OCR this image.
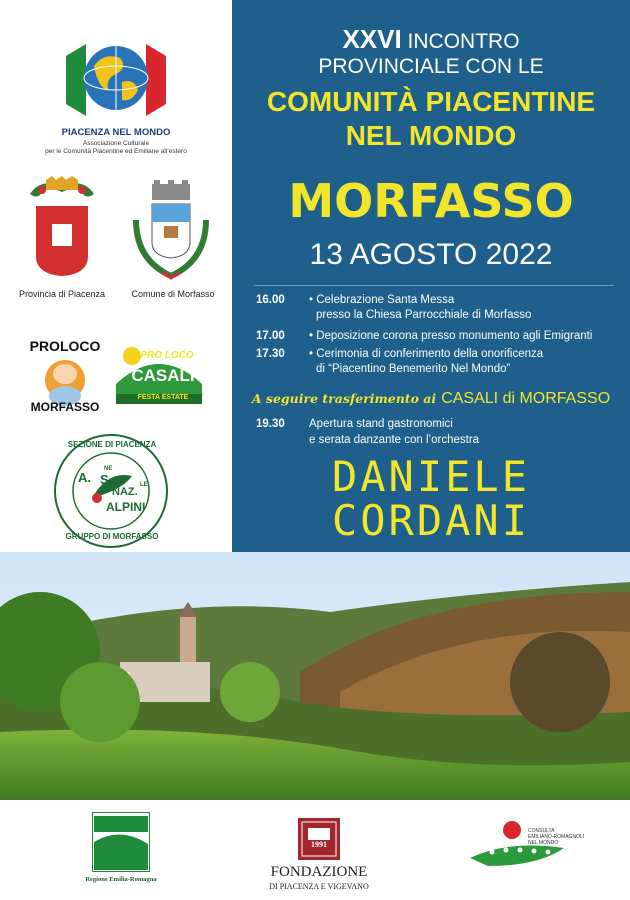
PIACENZA NEL MONDO
Associazione Culturale
per le Comunità Piacentine ed Emiliane all’estero
Provincia di Piacenza	Comune di Morfasso
PROLOCO
MORFASSO
PRO LOCO
CASALI
FESTA ESTATE
SEZIONE DI PIACENZA
GRUPPO DI MORFASSO
A.
NE
S.
NAZ.
LE
ALPINI
XXVI INCONTRO
PROVINCIALE CON LE
COMUNITÀ PIACENTINE
NEL MONDO
MORFASSO
13 AGOSTO 2022
16.00 • Celebrazione Santa Messa
presso la Chiesa Parrocchiale di Morfasso
17.00 • Deposizione corona presso monumento agli Emigranti
17.30 • Cerimonia di conferimento della onorificenza
di “Piacentino Benemerito Nel Mondo”
A seguire trasferimento ai CASALI di MORFASSO
19.30 Apertura stand gastronomici
e serata danzante con l’orchestra
DANIELE
CORDANI
Regione Emilia-Romagna
1991
FONDAZIONE
DI PIACENZA E VIGEVANO
CONSULTA
EMILIANO-ROMAGNOLI
NEL MONDO
